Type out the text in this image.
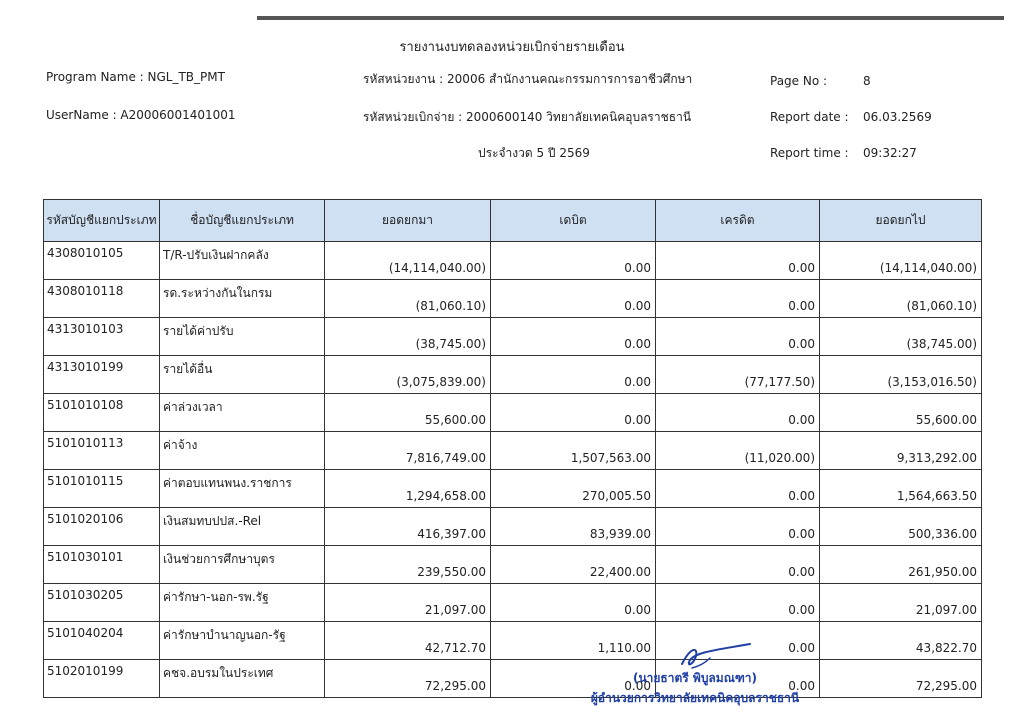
รายงานงบทดลองหน่วยเบิกจ่ายรายเดือน
Program Name : NGL_TB_PMT
UserName : A20006001401001
รหัสหน่วยงาน : 20006 สำนักงานคณะกรรมการการอาชีวศึกษา
รหัสหน่วยเบิกจ่าย : 2000600140 วิทยาลัยเทคนิคอุบลราชธานี
ประจำงวด 5 ปี 2569
Page No :	8
Report date : 06.03.2569
Report time : 09:32:27
รหัสบัญชีแยกประเภท	ชื่อบัญชีแยกประเภท	ยอดยกมา	เดบิต	เครดิต	ยอดยกไป
4308010105	T/R-ปรับเงินฝากคลัง	(14,114,040.00)	0.00	0.00	(14,114,040.00)
4308010118	รด.ระหว่างกันในกรม	(81,060.10)	0.00	0.00	(81,060.10)
4313010103	รายได้ค่าปรับ	(38,745.00)	0.00	0.00	(38,745.00)
4313010199	รายได้อื่น	(3,075,839.00)	0.00	(77,177.50)	(3,153,016.50)
5101010108	ค่าล่วงเวลา	55,600.00	0.00	0.00	55,600.00
5101010113	ค่าจ้าง	7,816,749.00	1,507,563.00	(11,020.00)	9,313,292.00
5101010115	ค่าตอบแทนพนง.ราชการ	1,294,658.00	270,005.50	0.00	1,564,663.50
5101020106	เงินสมทบปปส.-Rel	416,397.00	83,939.00	0.00	500,336.00
5101030101	เงินช่วยการศึกษาบุตร	239,550.00	22,400.00	0.00	261,950.00
5101030205	ค่ารักษา-นอก-รพ.รัฐ	21,097.00	0.00	0.00	21,097.00
5101040204	ค่ารักษาบำนาญนอก-รัฐ	42,712.70	1,110.00	0.00	43,822.70
5102010199	คชจ.อบรมในประเทศ	72,295.00	0.00	0.00	72,295.00
(นายธาตรี พิบูลมณฑา)
ผู้อำนวยการวิทยาลัยเทคนิคอุบลราชธานี
